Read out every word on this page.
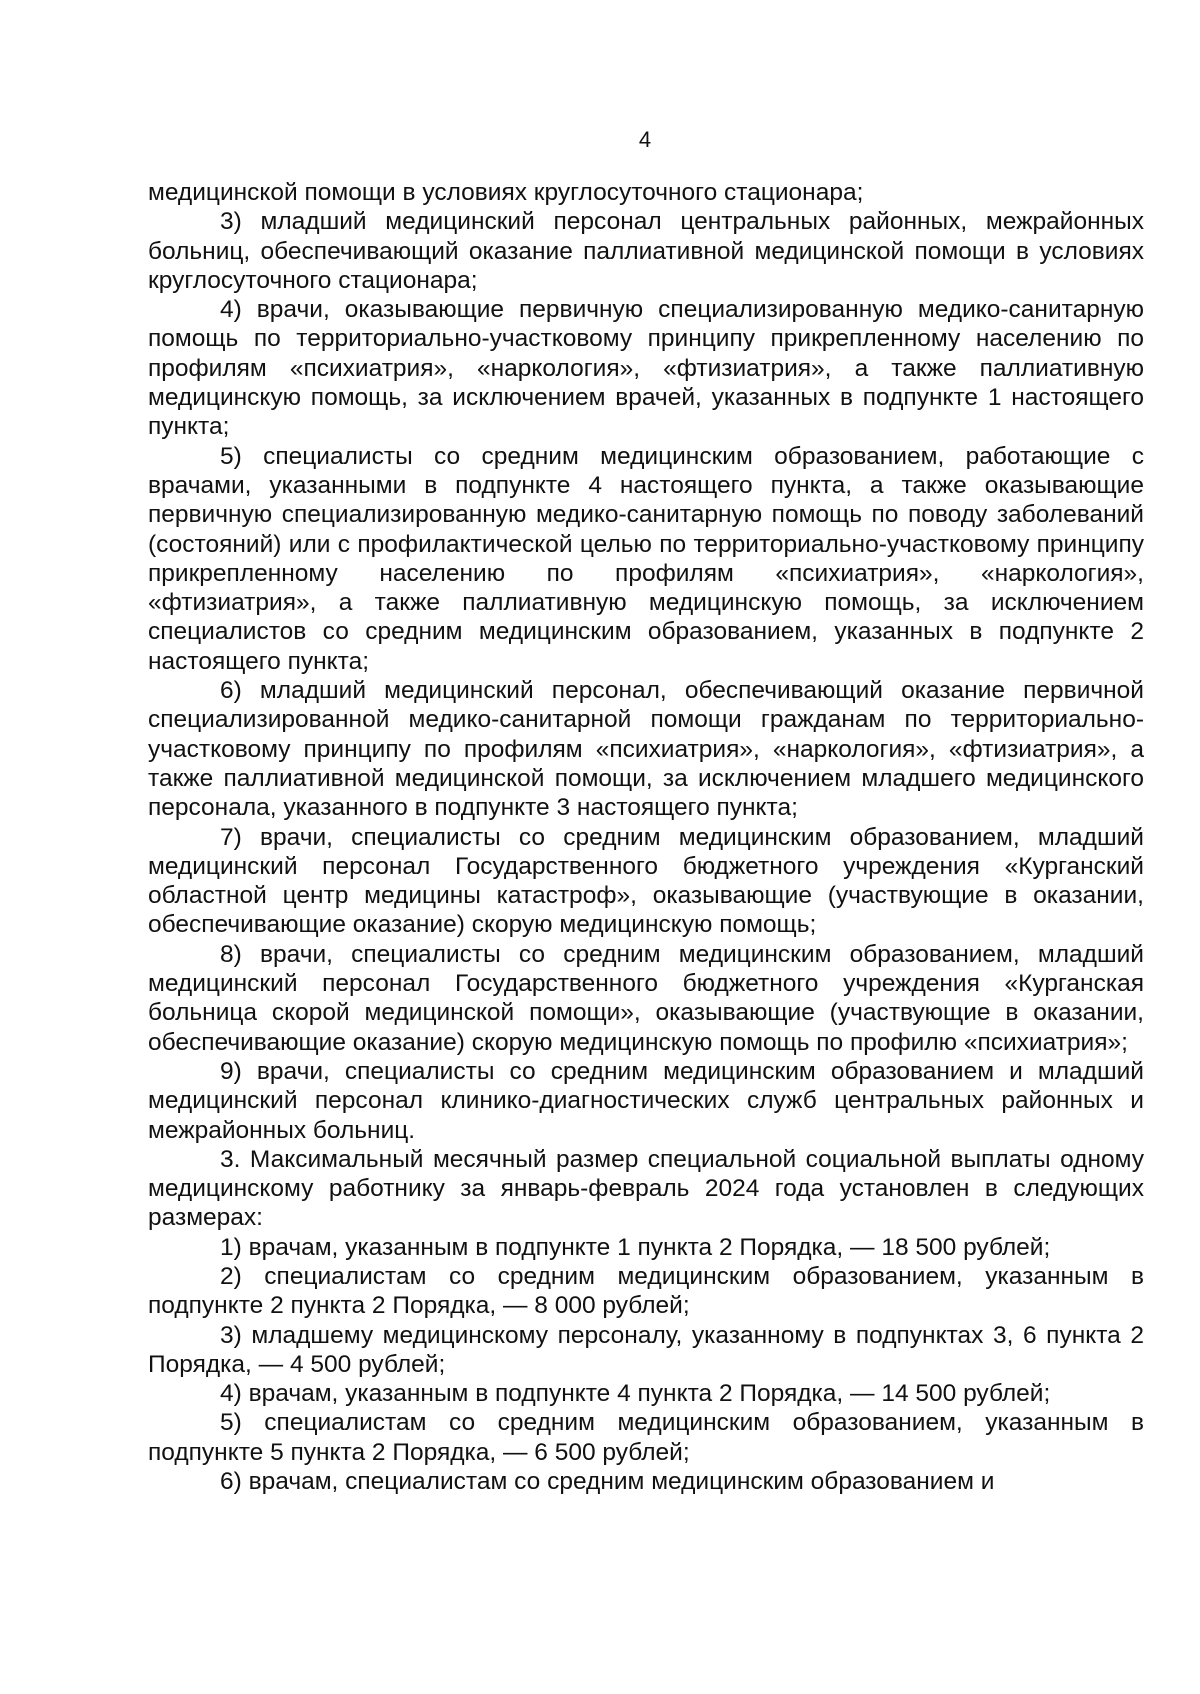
4

медицинской помощи в условиях круглосуточного стационара;

3) младший медицинский персонал центральных районных, межрайонных больниц, обеспечивающий оказание паллиативной медицинской помощи в условиях круглосуточного стационара;

4) врачи, оказывающие первичную специализированную медико-санитарную помощь по территориально-участковому принципу прикрепленному населению по профилям «психиатрия», «наркология», «фтизиатрия», а также паллиативную медицинскую помощь, за исключением врачей, указанных в подпункте 1 настоящего пункта;

5) специалисты со средним медицинским образованием, работающие с врачами, указанными в подпункте 4 настоящего пункта, а также оказывающие первичную специализированную медико-санитарную помощь по поводу заболеваний (состояний) или с профилактической целью по территориально-участковому принципу прикрепленному населению по профилям «психиатрия», «наркология», «фтизиатрия», а также паллиативную медицинскую помощь, за исключением специалистов со средним медицинским образованием, указанных в подпункте 2 настоящего пункта;

6) младший медицинский персонал, обеспечивающий оказание первичной специализированной медико-санитарной помощи гражданам по территориально-участковому принципу по профилям «психиатрия», «наркология», «фтизиатрия», а также паллиативной медицинской помощи, за исключением младшего медицинского персонала, указанного в подпункте 3 настоящего пункта;

7) врачи, специалисты со средним медицинским образованием, младший медицинский персонал Государственного бюджетного учреждения «Курганский областной центр медицины катастроф», оказывающие (участвующие в оказании, обеспечивающие оказание) скорую медицинскую помощь;

8) врачи, специалисты со средним медицинским образованием, младший медицинский персонал Государственного бюджетного учреждения «Курганская больница скорой медицинской помощи», оказывающие (участвующие в оказании, обеспечивающие оказание) скорую медицинскую помощь по профилю «психиатрия»;

9) врачи, специалисты со средним медицинским образованием и младший медицинский персонал клинико-диагностических служб центральных районных и межрайонных больниц.

3. Максимальный месячный размер специальной социальной выплаты одному медицинскому работнику за январь-февраль 2024 года установлен в следующих размерах:

1) врачам, указанным в подпункте 1 пункта 2 Порядка, — 18 500 рублей;

2) специалистам со средним медицинским образованием, указанным в подпункте 2 пункта 2 Порядка, — 8 000 рублей;

3) младшему медицинскому персоналу, указанному в подпунктах 3, 6 пункта 2 Порядка, — 4 500 рублей;

4) врачам, указанным в подпункте 4 пункта 2 Порядка, — 14 500 рублей;

5) специалистам со средним медицинским образованием, указанным в подпункте 5 пункта 2 Порядка, — 6 500 рублей;

6) врачам, специалистам со средним медицинским образованием и
